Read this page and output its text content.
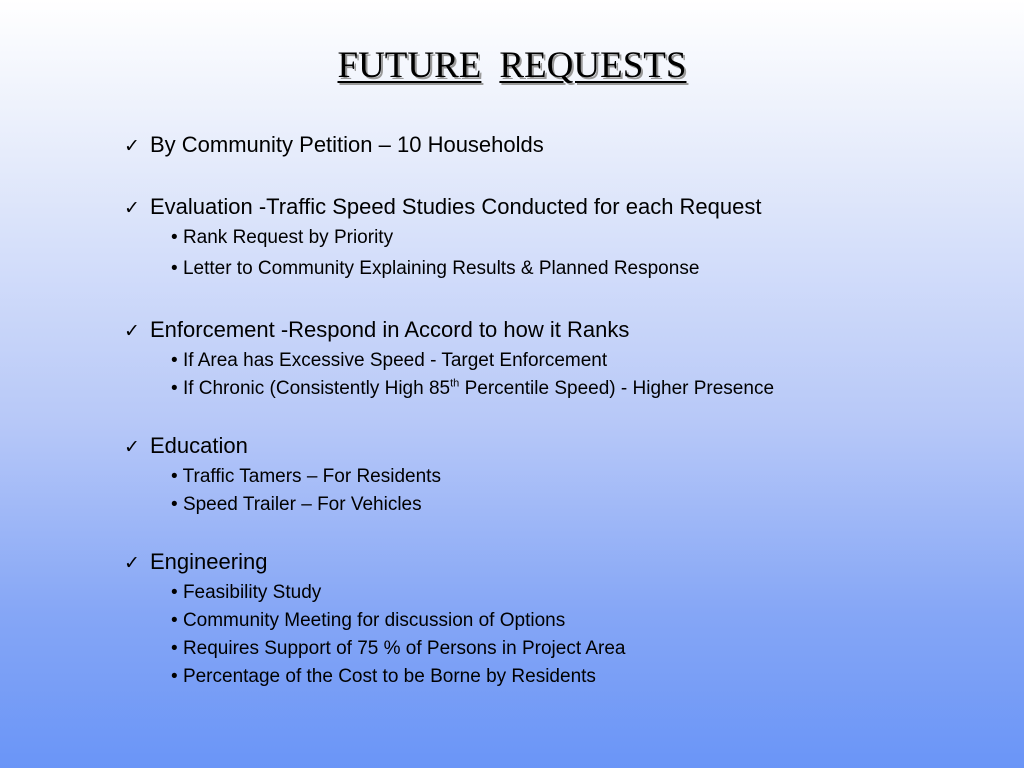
FUTURE REQUESTS
✓ By Community Petition – 10 Households
✓ Evaluation -Traffic Speed Studies Conducted for each Request
• Rank Request by Priority
• Letter to Community Explaining Results & Planned Response
✓ Enforcement -Respond in Accord to how it Ranks
• If Area has Excessive Speed - Target Enforcement
• If Chronic (Consistently High 85th Percentile Speed) - Higher Presence
✓ Education
• Traffic Tamers – For Residents
• Speed Trailer – For Vehicles
✓ Engineering
• Feasibility Study
• Community Meeting for discussion of Options
• Requires Support of 75 % of Persons in Project Area
• Percentage of the Cost to be Borne by Residents
